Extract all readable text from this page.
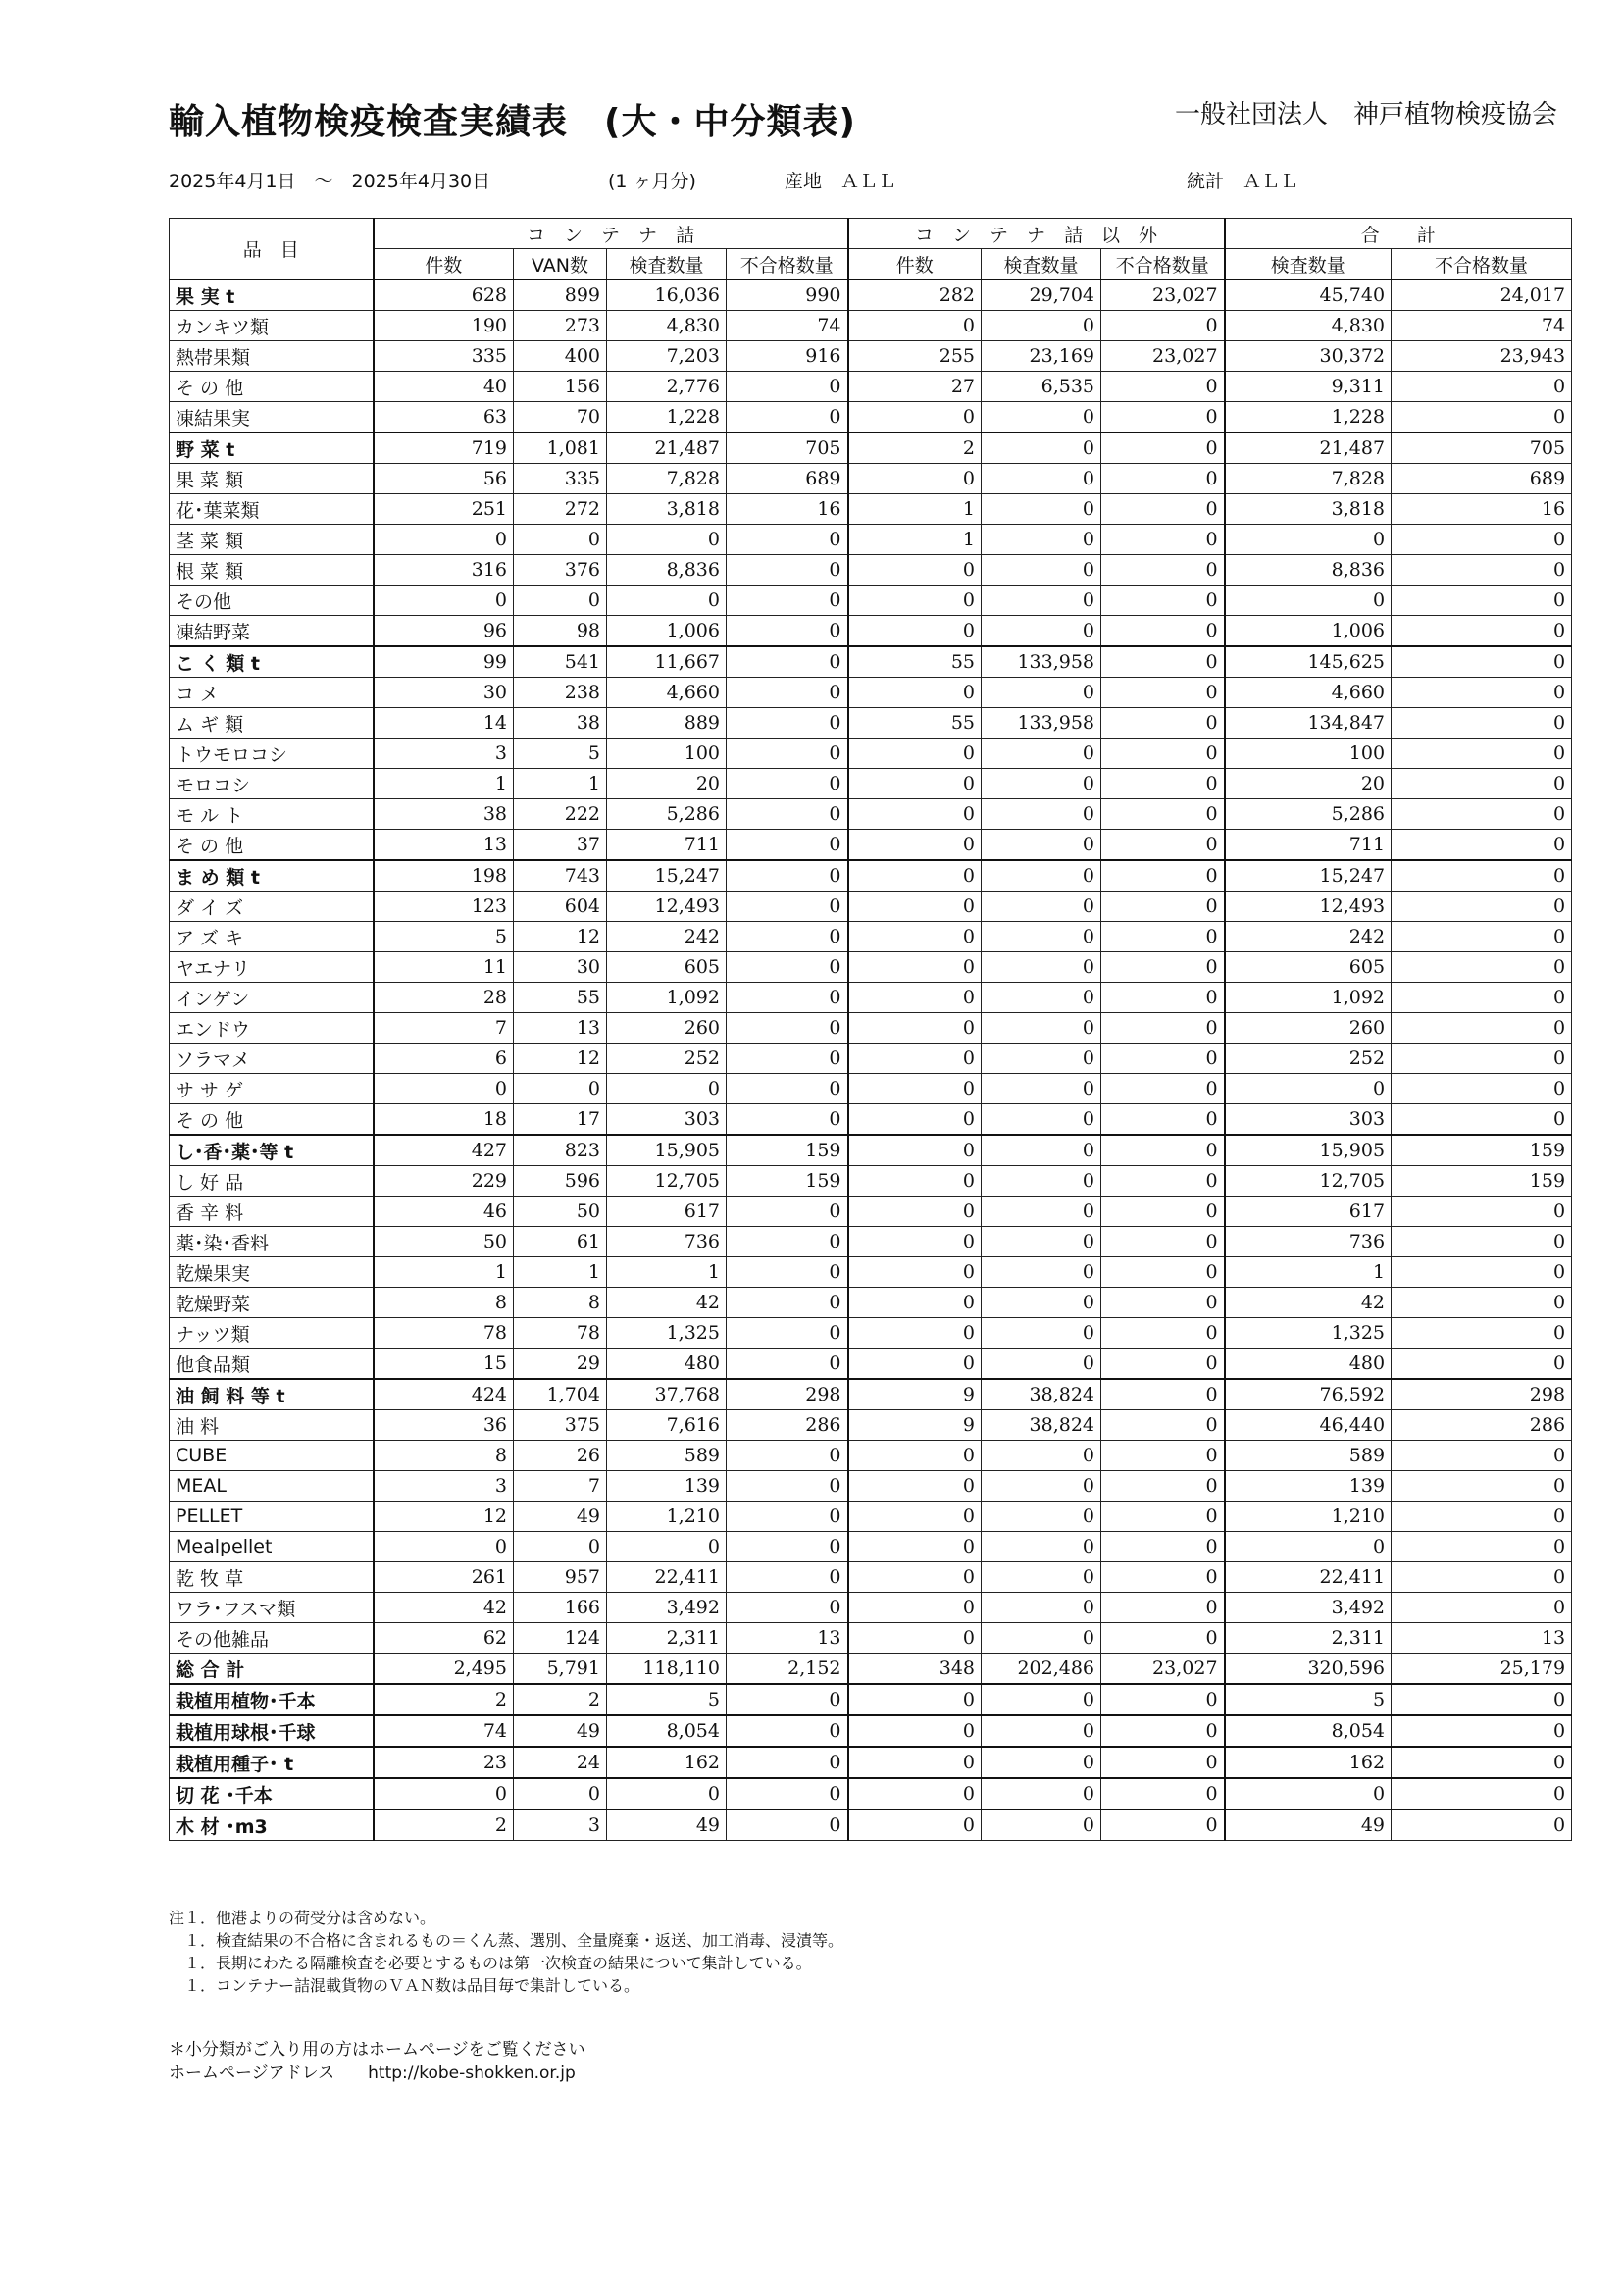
輸入植物検疫検査実績表　(大・中分類表)	一般社団法人　神戸植物検疫協会
2025年4月1日　～　2025年4月30日	(1 ヶ月分)	産地　ＡＬＬ	統計　ＡＬＬ
品　目	コ　ン　テ　ナ　詰				コ　ン　テ　ナ　詰　以　外			合　　計	
	件数	VAN数	検査数量	不合格数量	件数	検査数量	不合格数量	検査数量	不合格数量
果 実 t	628	899	16,036	990	282	29,704	23,027	45,740	24,017
カンキツ類	190	273	4,830	74	0	0	0	4,830	74
熱帯果類	335	400	7,203	916	255	23,169	23,027	30,372	23,943
そ の 他	40	156	2,776	0	27	6,535	0	9,311	0
凍結果実	63	70	1,228	0	0	0	0	1,228	0
野 菜 t	719	1,081	21,487	705	2	0	0	21,487	705
果 菜 類	56	335	7,828	689	0	0	0	7,828	689
花･葉菜類	251	272	3,818	16	1	0	0	3,818	16
茎 菜 類	0	0	0	0	1	0	0	0	0
根 菜 類	316	376	8,836	0	0	0	0	8,836	0
その他	0	0	0	0	0	0	0	0	0
凍結野菜	96	98	1,006	0	0	0	0	1,006	0
こ く 類 t	99	541	11,667	0	55	133,958	0	145,625	0
コ メ	30	238	4,660	0	0	0	0	4,660	0
ム ギ 類	14	38	889	0	55	133,958	0	134,847	0
トウモロコシ	3	5	100	0	0	0	0	100	0
モロコシ	1	1	20	0	0	0	0	20	0
モ ル ト	38	222	5,286	0	0	0	0	5,286	0
そ の 他	13	37	711	0	0	0	0	711	0
ま め 類 t	198	743	15,247	0	0	0	0	15,247	0
ダ イ ズ	123	604	12,493	0	0	0	0	12,493	0
ア ズ キ	5	12	242	0	0	0	0	242	0
ヤエナリ	11	30	605	0	0	0	0	605	0
インゲン	28	55	1,092	0	0	0	0	1,092	0
エンドウ	7	13	260	0	0	0	0	260	0
ソラマメ	6	12	252	0	0	0	0	252	0
サ サ ゲ	0	0	0	0	0	0	0	0	0
そ の 他	18	17	303	0	0	0	0	303	0
し･香･薬･等 t	427	823	15,905	159	0	0	0	15,905	159
し 好 品	229	596	12,705	159	0	0	0	12,705	159
香 辛 料	46	50	617	0	0	0	0	617	0
薬･染･香料	50	61	736	0	0	0	0	736	0
乾燥果実	1	1	1	0	0	0	0	1	0
乾燥野菜	8	8	42	0	0	0	0	42	0
ナッツ類	78	78	1,325	0	0	0	0	1,325	0
他食品類	15	29	480	0	0	0	0	480	0
油 飼 料 等 t	424	1,704	37,768	298	9	38,824	0	76,592	298
油 料	36	375	7,616	286	9	38,824	0	46,440	286
CUBE	8	26	589	0	0	0	0	589	0
MEAL	3	7	139	0	0	0	0	139	0
PELLET	12	49	1,210	0	0	0	0	1,210	0
Mealpellet	0	0	0	0	0	0	0	0	0
乾 牧 草	261	957	22,411	0	0	0	0	22,411	0
ワラ･フスマ類	42	166	3,492	0	0	0	0	3,492	0
その他雑品	62	124	2,311	13	0	0	0	2,311	13
総 合 計	2,495	5,791	118,110	2,152	348	202,486	23,027	320,596	25,179
栽植用植物･千本	2	2	5	0	0	0	0	5	0
栽植用球根･千球	74	49	8,054	0	0	0	0	8,054	0
栽植用種子･ t	23	24	162	0	0	0	0	162	0
切 花 ･千本	0	0	0	0	0	0	0	0	0
木 材 ･m3	2	3	49	0	0	0	0	49	0
注１．他港よりの荷受分は含めない。
　１．検査結果の不合格に含まれるもの＝くん蒸、選別、全量廃棄・返送、加工消毒、浸漬等。
　１．長期にわたる隔離検査を必要とするものは第一次検査の結果について集計している。
　１．コンテナー詰混載貨物のＶＡＮ数は品目毎で集計している。
＊小分類がご入り用の方はホームページをご覧ください
ホームページアドレス　　http://kobe-shokken.or.jp
